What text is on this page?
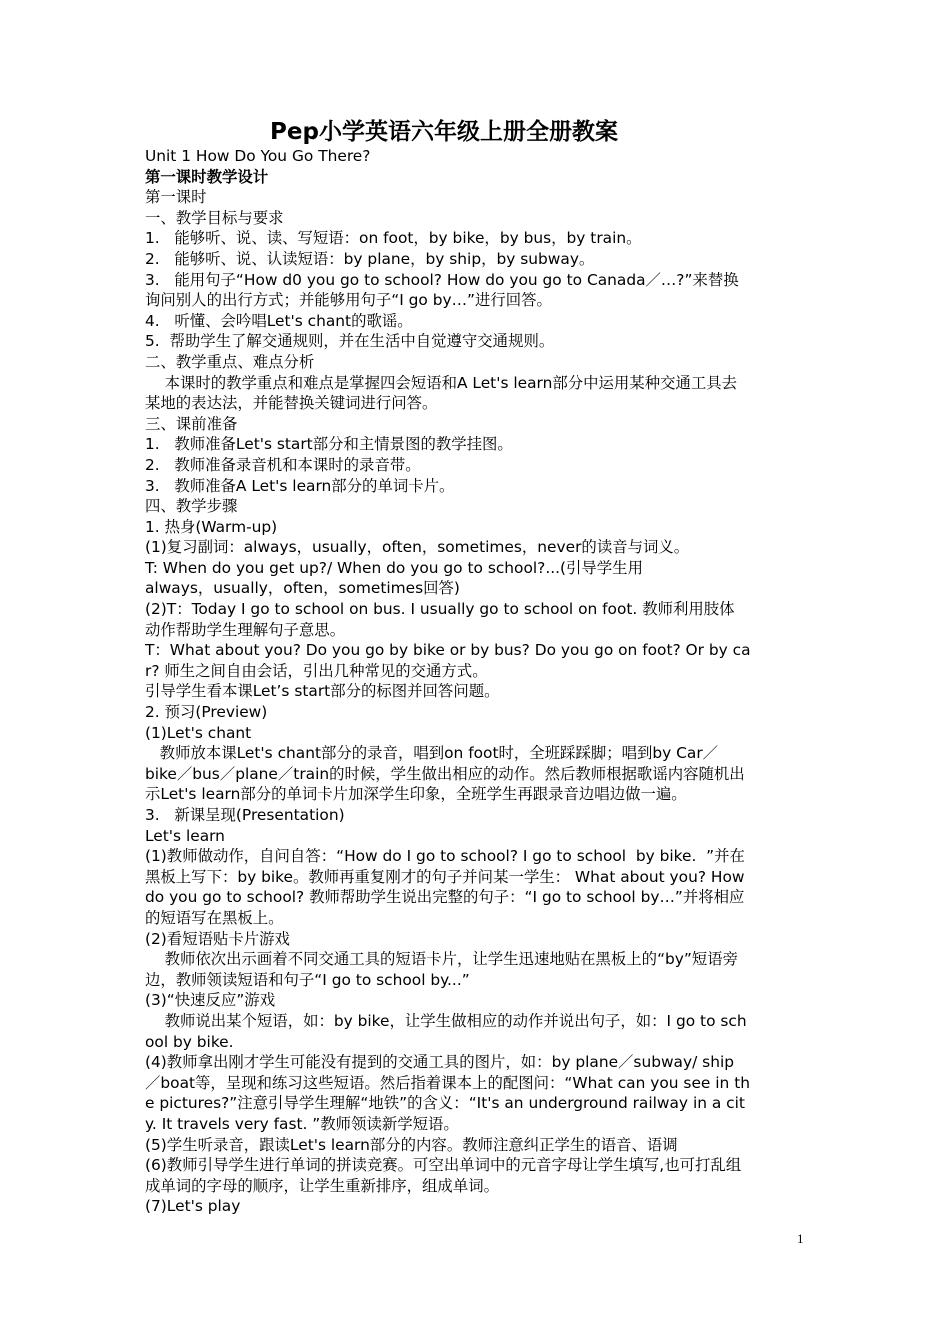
Pep小学英语六年级上册全册教案
Unit 1 How Do You Go There?
第一课时教学设计
第一课时
一、教学目标与要求
1.   能够听、说、读、写短语：on foot，by bike，by bus，by train。
2.   能够听、说、认读短语：by plane，by ship，by subway。
3.   能用句子“How d0 you go to school? How do you go to Canada／…?”来替换
询问别人的出行方式；并能够用句子“I go by…”进行回答。
4.   听懂、会吟唱Let's chant的歌谣。
5.  帮助学生了解交通规则，并在生活中自觉遵守交通规则。
二、教学重点、难点分析
本课时的教学重点和难点是掌握四会短语和A Let's learn部分中运用某种交通工具去
某地的表达法，并能替换关键词进行问答。
三、课前准备
1.   教师准备Let's start部分和主情景图的教学挂图。
2.   教师准备录音机和本课时的录音带。
3.   教师准备A Let's learn部分的单词卡片。
四、教学步骤
1. 热身(Warm-up)
(1)复习副词：always，usually，often，sometimes，never的读音与词义。
T: When do you get up?/ When do you go to school?...(引导学生用
always，usually，often，sometimes回答)
(2)T：Today I go to school on bus. I usually go to school on foot. 教师利用肢体
动作帮助学生理解句子意思。
T：What about you? Do you go by bike or by bus? Do you go on foot? Or by ca
r? 师生之间自由会话，引出几种常见的交通方式。
引导学生看本课Let’s start部分的标图并回答问题。
2. 预习(Preview)
(1)Let's chant
教师放本课Let's chant部分的录音，唱到on foot时，全班踩踩脚；唱到by Car／
bike／bus／plane／train的时候，学生做出相应的动作。然后教师根据歌谣内容随机出
示Let's learn部分的单词卡片加深学生印象，全班学生再跟录音边唱边做一遍。
3.   新课呈现(Presentation)
Let's learn
(1)教师做动作，自问自答：“How do I go to school? I go to school  by bike.  ”并在
黑板上写下：by bike。教师再重复刚才的句子并问某一学生： What about you? How
do you go to school? 教师帮助学生说出完整的句子：“I go to school by…”并将相应
的短语写在黑板上。
(2)看短语贴卡片游戏
教师依次出示画着不同交通工具的短语卡片，让学生迅速地贴在黑板上的“by”短语旁
边，教师领读短语和句子“I go to school by...”
(3)“快速反应”游戏
教师说出某个短语，如：by bike，让学生做相应的动作并说出句子，如：I go to sch
ool by bike.
(4)教师拿出刚才学生可能没有提到的交通工具的图片，如：by plane／subway/ ship
／boat等，呈现和练习这些短语。然后指着课本上的配图问：“What can you see in th
e pictures?”注意引导学生理解“地铁”的含义：“It's an underground railway in a cit
y. It travels very fast. ”教师领读新学短语。
(5)学生听录音，跟读Let's learn部分的内容。教师注意纠正学生的语音、语调
(6)教师引导学生进行单词的拼读竞赛。可空出单词中的元音字母让学生填写,也可打乱组
成单词的字母的顺序，让学生重新排序，组成单词。
(7)Let's play
1
